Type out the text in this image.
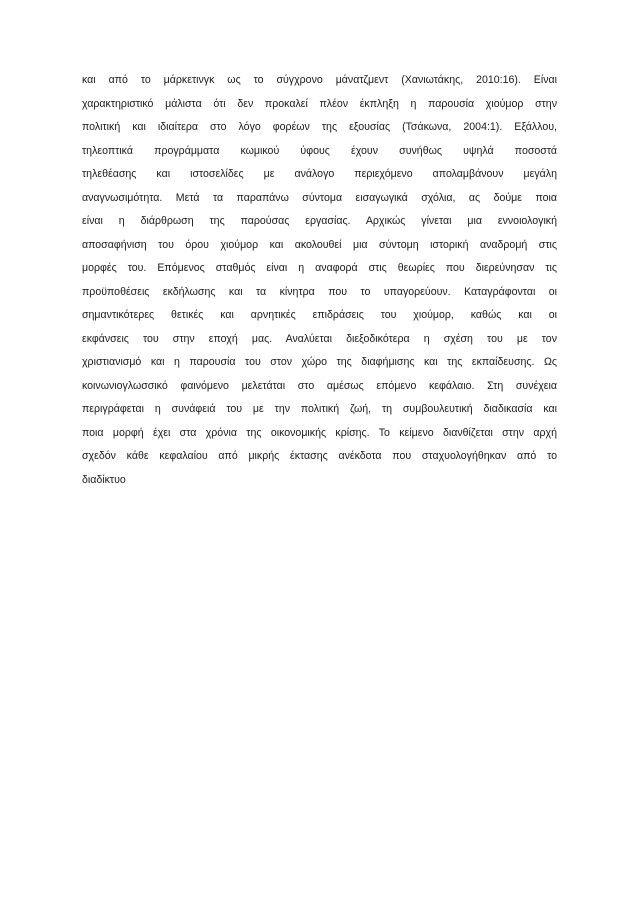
και από το μάρκετινγκ ως το σύγχρονο μάνατζμεντ (Χανιωτάκης, 2010:16). Είναι
χαρακτηριστικό μάλιστα ότι δεν προκαλεί πλέον έκπληξη η παρουσία χιούμορ στην
πολιτική και ιδιαίτερα στο λόγο φορέων της εξουσίας (Τσάκωνα, 2004:1). Εξάλλου,
τηλεοπτικά προγράμματα κωμικού ύφους έχουν συνήθως υψηλά ποσοστά
τηλεθέασης και ιστοσελίδες με ανάλογο περιεχόμενο απολαμβάνουν μεγάλη
αναγνωσιμότητα. Μετά τα παραπάνω σύντομα εισαγωγικά σχόλια, ας δούμε ποια
είναι η διάρθρωση της παρούσας εργασίας. Αρχικώς γίνεται μια εννοιολογική
αποσαφήνιση του όρου χιούμορ και ακολουθεί μια σύντομη ιστορική αναδρομή στις
μορφές του. Επόμενος σταθμός είναι η αναφορά στις θεωρίες που διερεύνησαν τις
προϋποθέσεις εκδήλωσης και τα κίνητρα που το υπαγορεύουν. Καταγράφονται οι
σημαντικότερες θετικές και αρνητικές επιδράσεις του χιούμορ, καθώς και οι
εκφάνσεις του στην εποχή μας. Αναλύεται διεξοδικότερα η σχέση του με τον
χριστιανισμό και η παρουσία του στον χώρο της διαφήμισης και της εκπαίδευσης. Ως
κοινωνιογλωσσικό φαινόμενο μελετάται στο αμέσως επόμενο κεφάλαιο. Στη συνέχεια
περιγράφεται η συνάφειά του με την πολιτική ζωή, τη συμβουλευτική διαδικασία και
ποια μορφή έχει στα χρόνια της οικονομικής κρίσης. Το κείμενο διανθίζεται στην αρχή
σχεδόν κάθε κεφαλαίου από μικρής έκτασης ανέκδοτα που σταχυολογήθηκαν από το
διαδίκτυο
